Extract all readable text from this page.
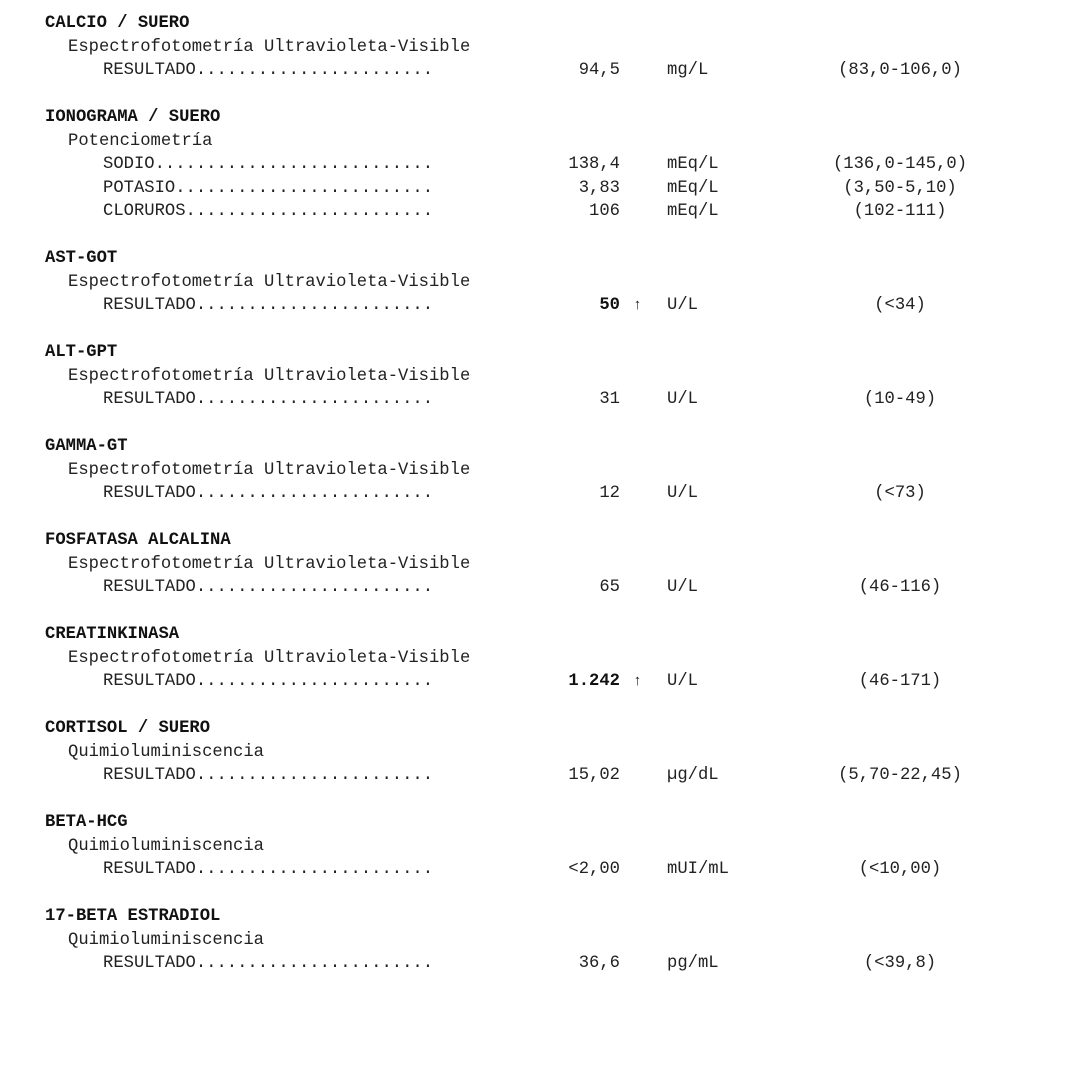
CALCIO / SUERO
Espectrofotometría Ultravioleta-Visible
RESULTADO.......................	94,5	mg/L	(83,0-106,0)
IONOGRAMA / SUERO
Potenciometría
SODIO...........................	138,4	mEq/L	(136,0-145,0)
POTASIO.........................	3,83	mEq/L	(3,50-5,10)
CLORUROS........................	106	mEq/L	(102-111)
AST-GOT
Espectrofotometría Ultravioleta-Visible
RESULTADO.......................	50 ↑ U/L	(<34)
ALT-GPT
Espectrofotometría Ultravioleta-Visible
RESULTADO.......................	31	U/L	(10-49)
GAMMA-GT
Espectrofotometría Ultravioleta-Visible
RESULTADO.......................	12	U/L	(<73)
FOSFATASA ALCALINA
Espectrofotometría Ultravioleta-Visible
RESULTADO.......................	65	U/L	(46-116)
CREATINKINASA
Espectrofotometría Ultravioleta-Visible
RESULTADO.......................	1.242 ↑ U/L	(46-171)
CORTISOL / SUERO
Quimioluminiscencia
RESULTADO.......................	15,02	µg/dL	(5,70-22,45)
BETA-HCG
Quimioluminiscencia
RESULTADO.......................	<2,00	mUI/mL	(<10,00)
17-BETA ESTRADIOL
Quimioluminiscencia
RESULTADO.......................	36,6	pg/mL	(<39,8)
